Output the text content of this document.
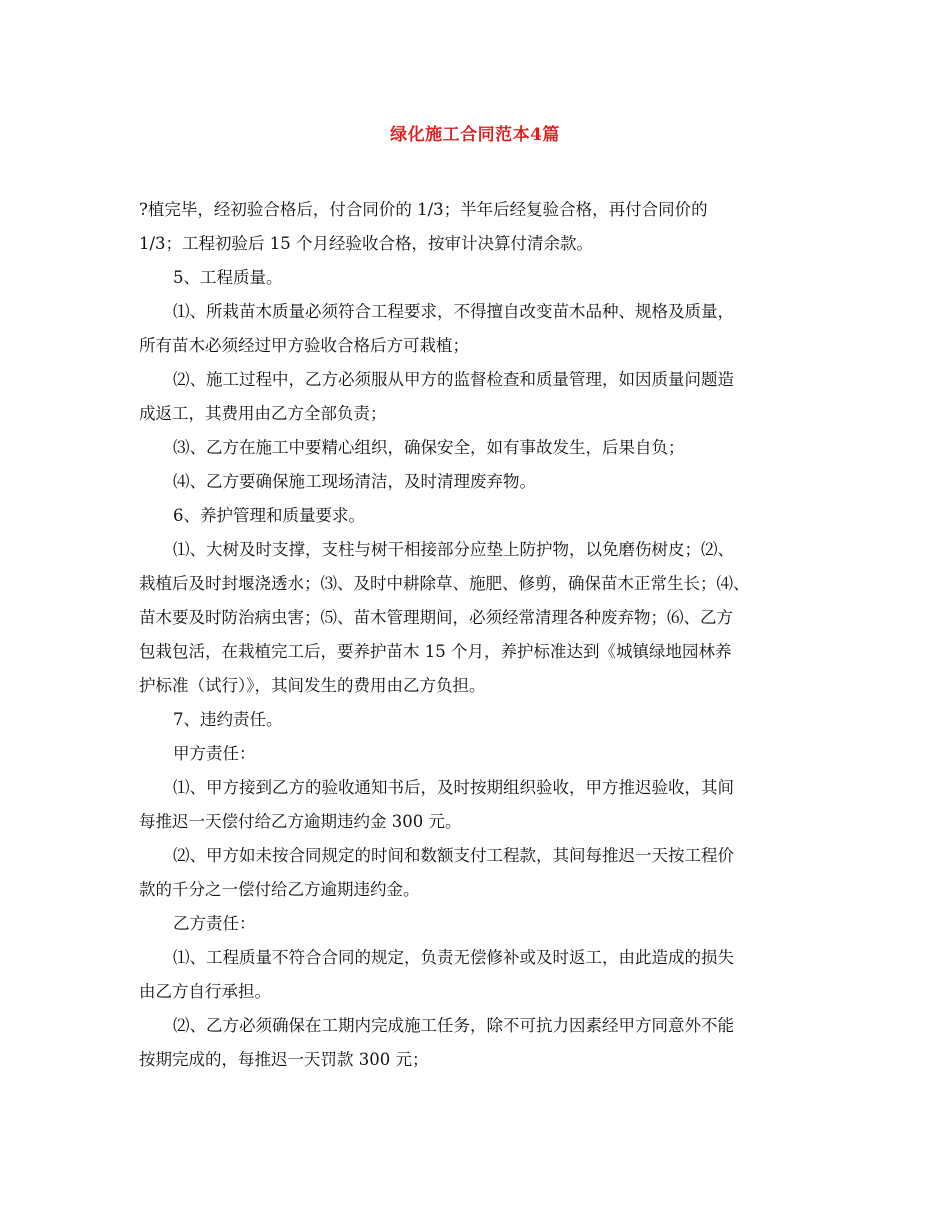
绿化施工合同范本4篇
?植完毕，经初验合格后，付合同价的 1/3；半年后经复验合格，再付合同价的
1/3；工程初验后 15 个月经验收合格，按审计决算付清余款。
5、工程质量。
⑴、所栽苗木质量必须符合工程要求，不得擅自改变苗木品种、规格及质量，
所有苗木必须经过甲方验收合格后方可栽植；
⑵、施工过程中，乙方必须服从甲方的监督检查和质量管理，如因质量问题造
成返工，其费用由乙方全部负责；
⑶、乙方在施工中要精心组织，确保安全，如有事故发生，后果自负；
⑷、乙方要确保施工现场清洁，及时清理废弃物。
6、养护管理和质量要求。
⑴、大树及时支撑，支柱与树干相接部分应垫上防护物，以免磨伤树皮；⑵、
栽植后及时封堰浇透水；⑶、及时中耕除草、施肥、修剪，确保苗木正常生长；⑷、
苗木要及时防治病虫害；⑸、苗木管理期间，必须经常清理各种废弃物；⑹、乙方
包栽包活，在栽植完工后，要养护苗木 15 个月，养护标准达到《城镇绿地园林养
护标准（试行）》，其间发生的费用由乙方负担。
7、违约责任。
甲方责任：
⑴、甲方接到乙方的验收通知书后，及时按期组织验收，甲方推迟验收，其间
每推迟一天偿付给乙方逾期违约金 300 元。
⑵、甲方如未按合同规定的时间和数额支付工程款，其间每推迟一天按工程价
款的千分之一偿付给乙方逾期违约金。
乙方责任：
⑴、工程质量不符合合同的规定，负责无偿修补或及时返工，由此造成的损失
由乙方自行承担。
⑵、乙方必须确保在工期内完成施工任务，除不可抗力因素经甲方同意外不能
按期完成的，每推迟一天罚款 300 元；
